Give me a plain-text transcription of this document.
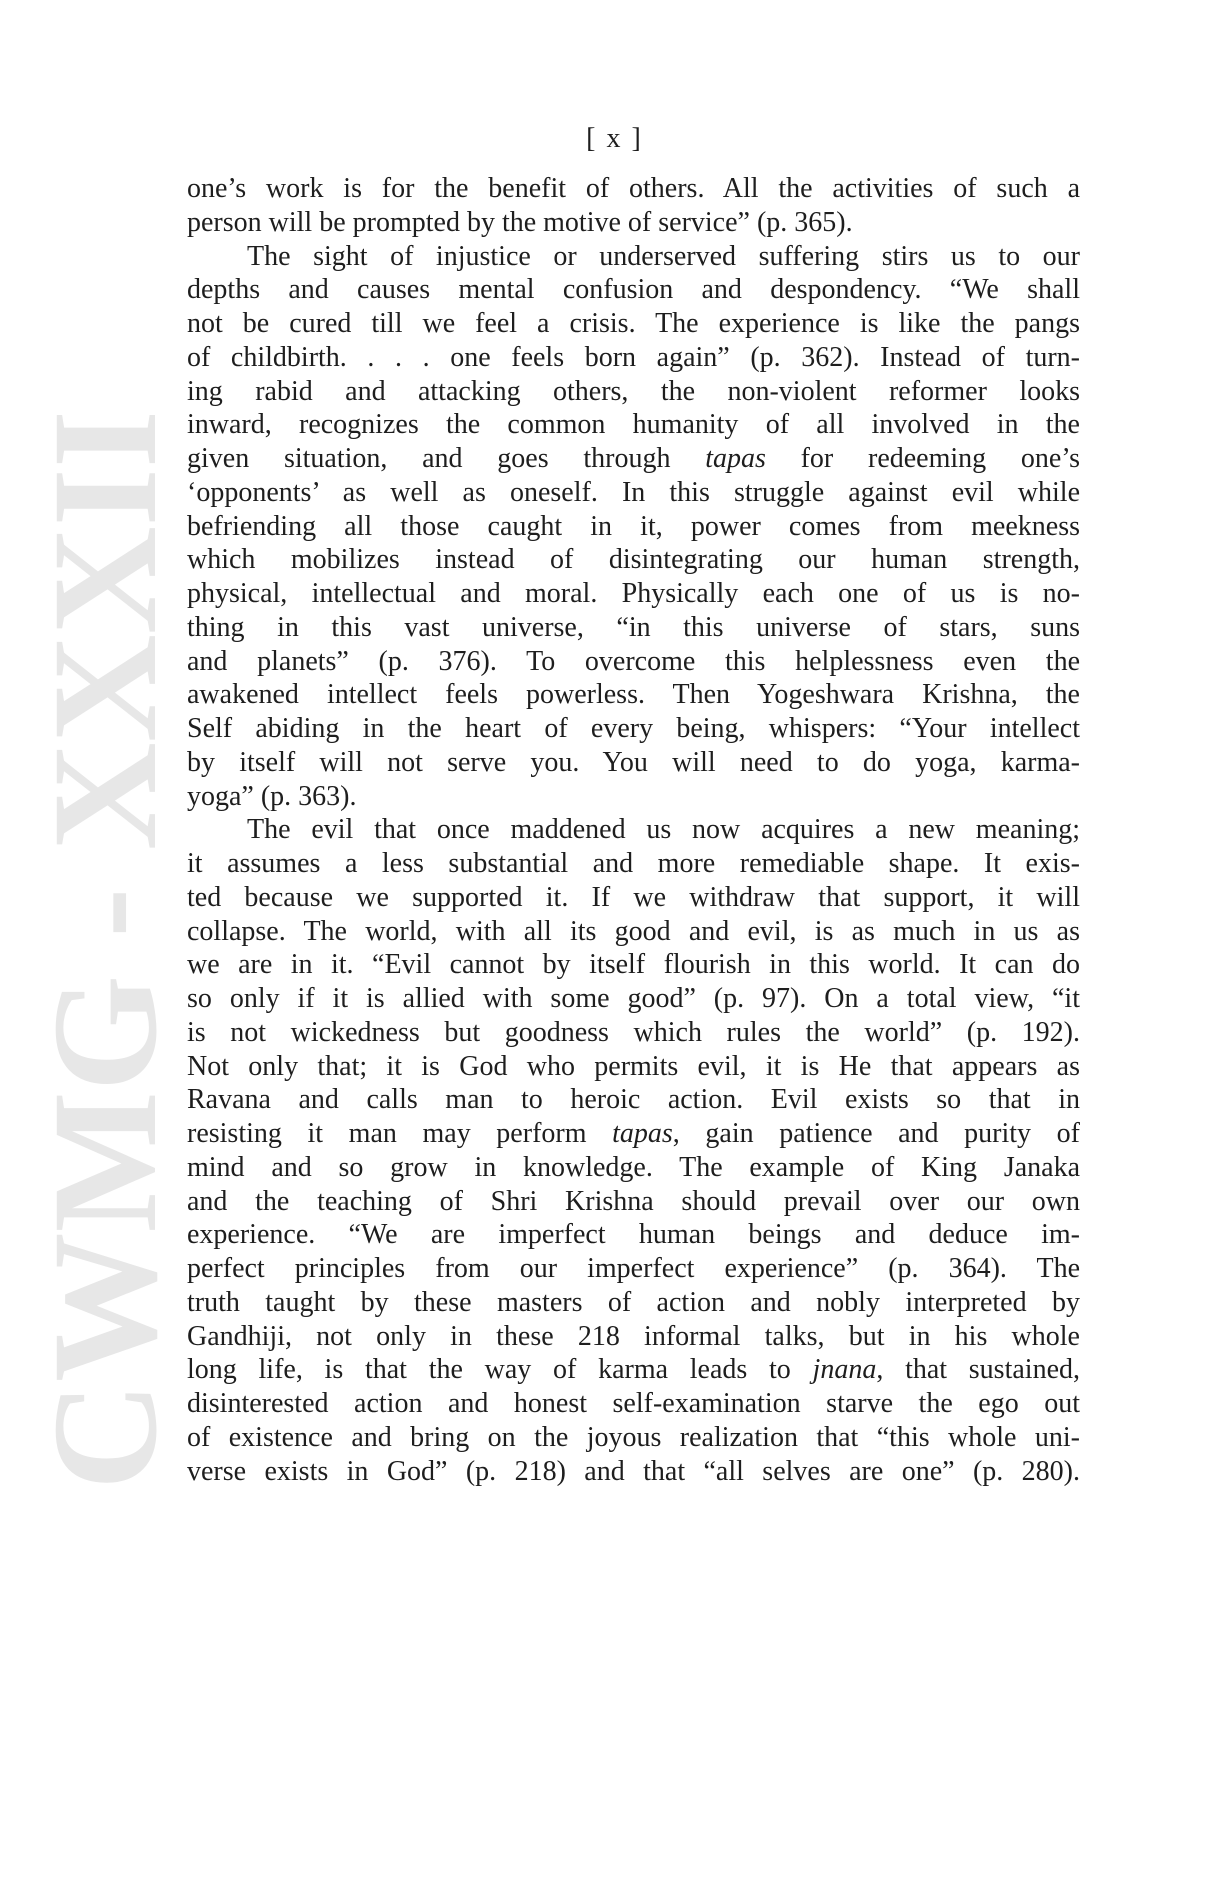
CWMG - XXXII
[ x ]
one’s work is for the benefit of others. All the activities of such a
person will be prompted by the motive of service” (p. 365).
The sight of injustice or underserved suffering stirs us to our
depths and causes mental confusion and despondency. “We shall
not be cured till we feel a crisis. The experience is like the pangs
of childbirth. . . . one feels born again” (p. 362). Instead of turn-
ing rabid and attacking others, the non-violent reformer looks
inward, recognizes the common humanity of all involved in the
given situation, and goes through tapas for redeeming one’s
‘opponents’ as well as oneself. In this struggle against evil while
befriending all those caught in it, power comes from meekness
which mobilizes instead of disintegrating our human strength,
physical, intellectual and moral. Physically each one of us is no-
thing in this vast universe, “in this universe of stars, suns
and planets” (p. 376). To overcome this helplessness even the
awakened intellect feels powerless. Then Yogeshwara Krishna, the
Self abiding in the heart of every being, whispers: “Your intellect
by itself will not serve you. You will need to do yoga, karma-
yoga” (p. 363).
The evil that once maddened us now acquires a new meaning;
it assumes a less substantial and more remediable shape. It exis-
ted because we supported it. If we withdraw that support, it will
collapse. The world, with all its good and evil, is as much in us as
we are in it. “Evil cannot by itself flourish in this world. It can do
so only if it is allied with some good” (p. 97). On a total view, “it
is not wickedness but goodness which rules the world” (p. 192).
Not only that; it is God who permits evil, it is He that appears as
Ravana and calls man to heroic action. Evil exists so that in
resisting it man may perform tapas, gain patience and purity of
mind and so grow in knowledge. The example of King Janaka
and the teaching of Shri Krishna should prevail over our own
experience. “We are imperfect human beings and deduce im-
perfect principles from our imperfect experience” (p. 364). The
truth taught by these masters of action and nobly interpreted by
Gandhiji, not only in these 218 informal talks, but in his whole
long life, is that the way of karma leads to jnana, that sustained,
disinterested action and honest self-examination starve the ego out
of existence and bring on the joyous realization that “this whole uni-
verse exists in God” (p. 218) and that “all selves are one” (p. 280).
